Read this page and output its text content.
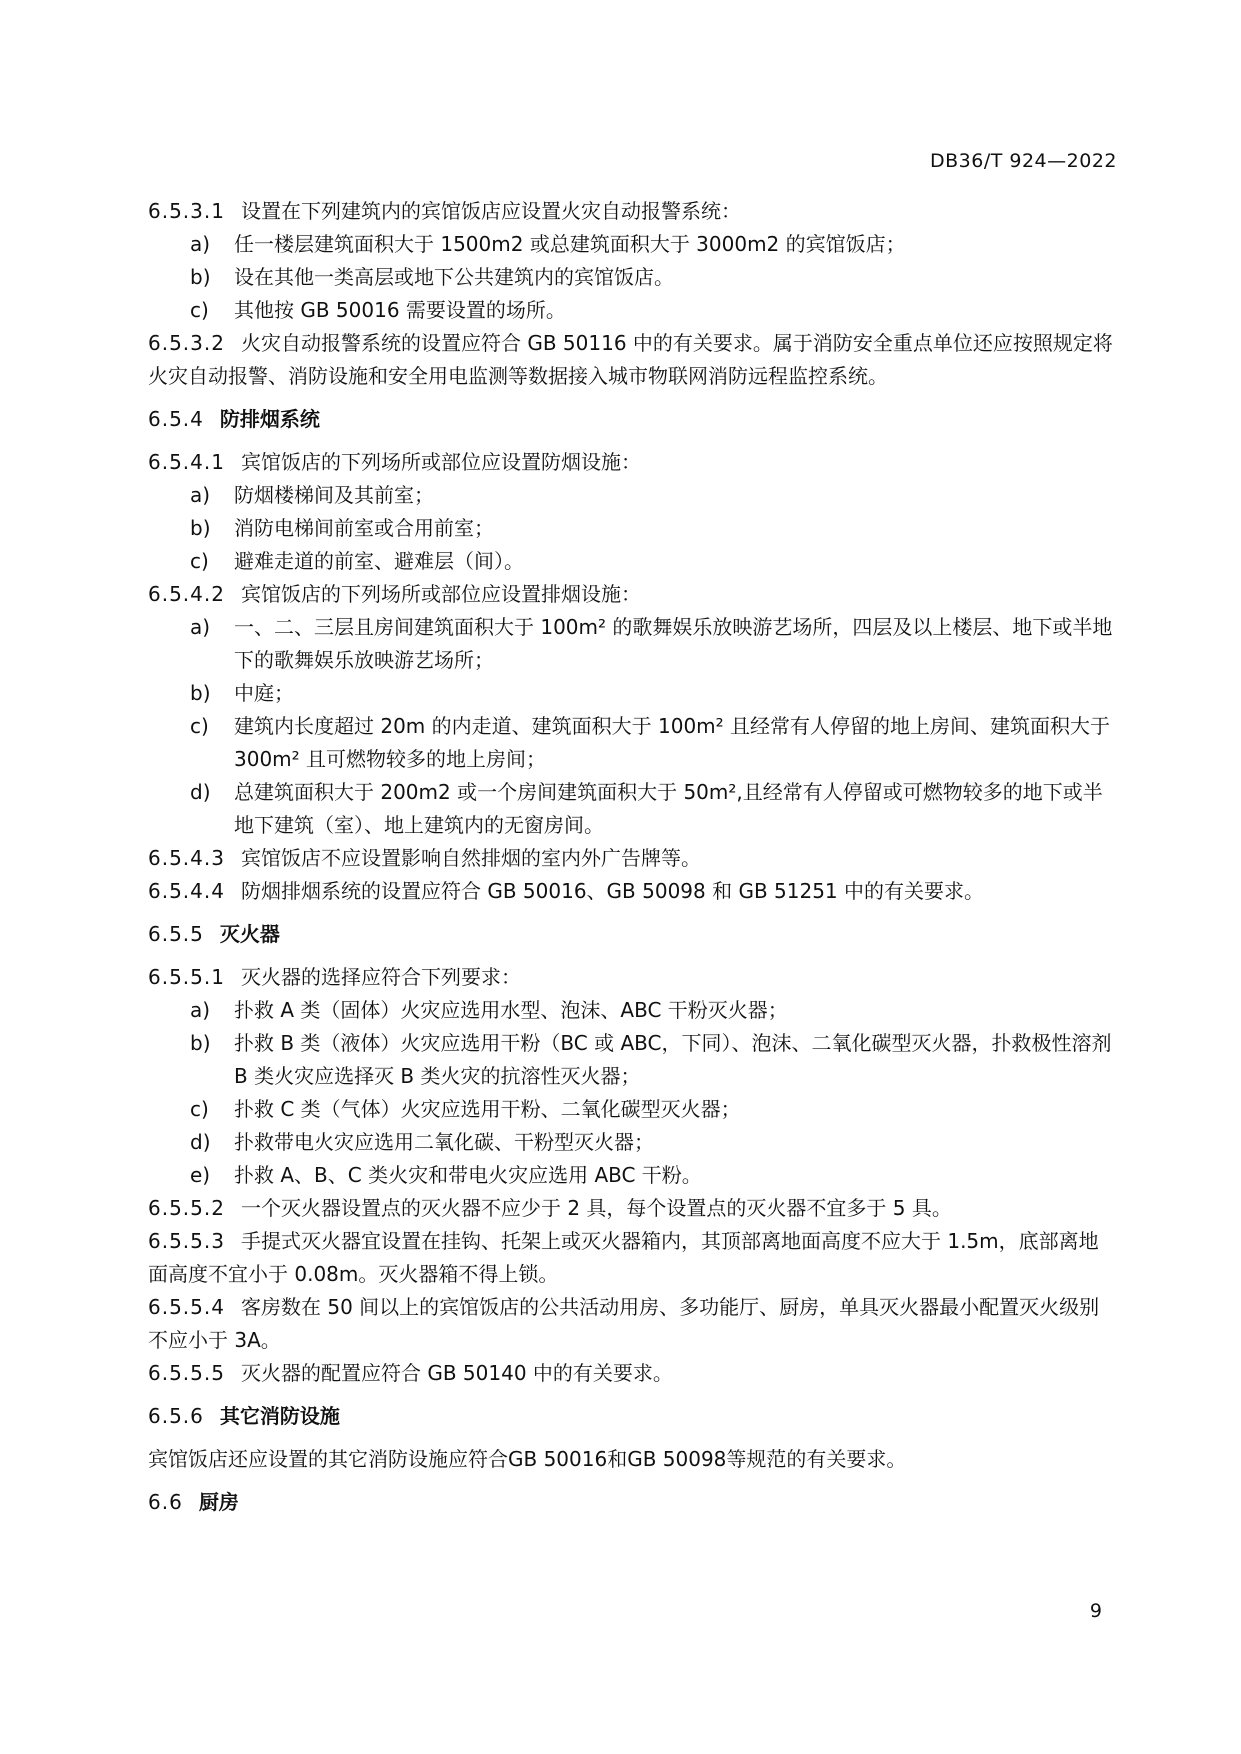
DB36/T 924—2022

6.5.3.1 设置在下列建筑内的宾馆饭店应设置火灾自动报警系统：

a) 任一楼层建筑面积大于 1500m2 或总建筑面积大于 3000m2 的宾馆饭店；

b) 设在其他一类高层或地下公共建筑内的宾馆饭店。

c) 其他按 GB 50016 需要设置的场所。

6.5.3.2 火灾自动报警系统的设置应符合 GB 50116 中的有关要求。属于消防安全重点单位还应按照规定将火灾自动报警、消防设施和安全用电监测等数据接入城市物联网消防远程监控系统。

6.5.4 防排烟系统

6.5.4.1 宾馆饭店的下列场所或部位应设置防烟设施：

a) 防烟楼梯间及其前室；

b) 消防电梯间前室或合用前室；

c) 避难走道的前室、避难层（间）。

6.5.4.2 宾馆饭店的下列场所或部位应设置排烟设施：

a) 一、二、三层且房间建筑面积大于 100m² 的歌舞娱乐放映游艺场所，四层及以上楼层、地下或半地下的歌舞娱乐放映游艺场所；

b) 中庭；

c) 建筑内长度超过 20m 的内走道、建筑面积大于 100m² 且经常有人停留的地上房间、建筑面积大于 300m² 且可燃物较多的地上房间；

d) 总建筑面积大于 200m2 或一个房间建筑面积大于 50m²,且经常有人停留或可燃物较多的地下或半地下建筑（室）、地上建筑内的无窗房间。

6.5.4.3 宾馆饭店不应设置影响自然排烟的室内外广告牌等。

6.5.4.4 防烟排烟系统的设置应符合 GB 50016、GB 50098 和 GB 51251 中的有关要求。

6.5.5 灭火器

6.5.5.1 灭火器的选择应符合下列要求：

a) 扑救 A 类（固体）火灾应选用水型、泡沫、ABC 干粉灭火器；

b) 扑救 B 类（液体）火灾应选用干粉（BC 或 ABC，下同）、泡沫、二氧化碳型灭火器，扑救极性溶剂 B 类火灾应选择灭 B 类火灾的抗溶性灭火器；

c) 扑救 C 类（气体）火灾应选用干粉、二氧化碳型灭火器；

d) 扑救带电火灾应选用二氧化碳、干粉型灭火器；

e) 扑救 A、B、C 类火灾和带电火灾应选用 ABC 干粉。

6.5.5.2 一个灭火器设置点的灭火器不应少于 2 具，每个设置点的灭火器不宜多于 5 具。

6.5.5.3 手提式灭火器宜设置在挂钩、托架上或灭火器箱内，其顶部离地面高度不应大于 1.5m，底部离地面高度不宜小于 0.08m。灭火器箱不得上锁。

6.5.5.4 客房数在 50 间以上的宾馆饭店的公共活动用房、多功能厅、厨房，单具灭火器最小配置灭火级别不应小于 3A。

6.5.5.5 灭火器的配置应符合 GB 50140 中的有关要求。

6.5.6 其它消防设施

宾馆饭店还应设置的其它消防设施应符合GB 50016和GB 50098等规范的有关要求。

6.6 厨房

9
